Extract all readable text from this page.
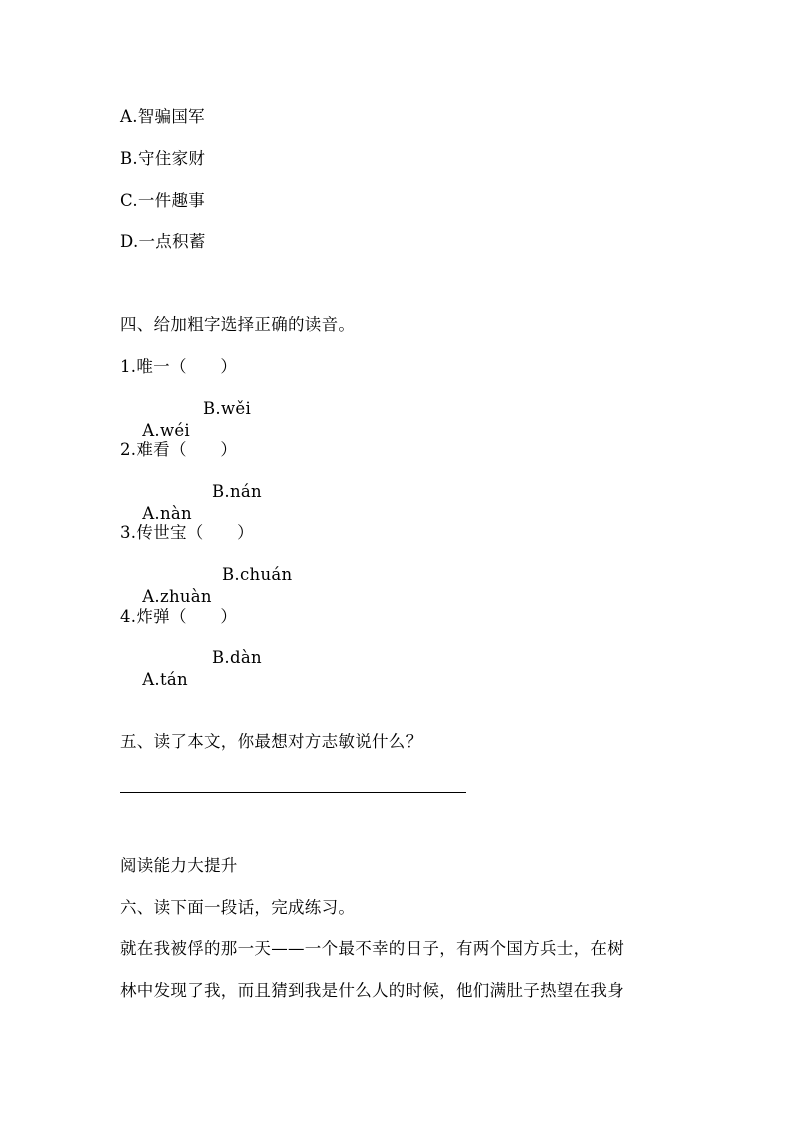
A.智骗国军
B.守住家财
C.一件趣事
D.一点积蓄
四、给加粗字选择正确的读音。
1.唯一（　　）

A.wéi

B.wěi

2.难看（　　）

A.nàn

B.nán

3.传世宝（　　）

A.zhuàn

B.chuán

4.炸弹（　　）

A.tán

B.dàn

五、读了本文，你最想对方志敏说什么？
阅读能力大提升
六、读下面一段话，完成练习。
就在我被俘的那一天——一个最不幸的日子，有两个国方兵士，在树
林中发现了我，而且猜到我是什么人的时候，他们满肚子热望在我身
